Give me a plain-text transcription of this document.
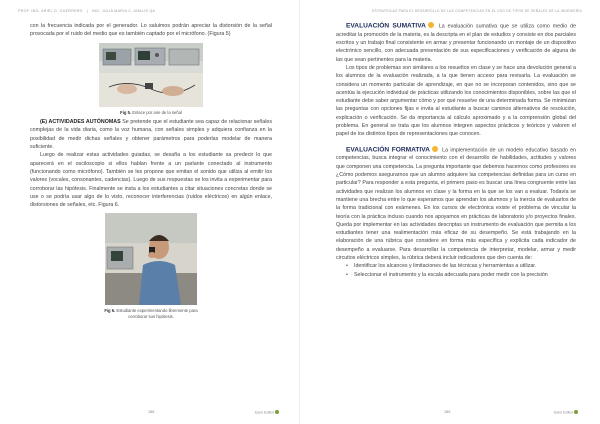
PROF. ING. ARIEL D. GUERRERO | ING. JULIA MARIA C. ANALIS QA

con la frecuencia indicada por el generador. Lo saluimos podrán apreciar la distorsión de la señal provocada por el ruido del medio que es también captado por el micrófono. (Figura 5)

Fig 5. Enlace por aire de la señal

(E) ACTIVIDADES AUTÓNOMAS Se pretende que el estudiante sea capaz de relacionar señales complejas de la vida diaria, como la voz humana, con señales simples y adquiera confianza en la posibilidad de medir dichas señales y obtener parámetros para poderlas modelar de manera suficiente.

Luego de realizar estas actividades guiadas, se desafía a los estudiante sa predecir lo que aparecerá en el osciloscopio si ellos hablan frente a un parlante conectado al instrumento (funcionando como micrófono). También se les propone que emitan el sonido que utiliza al emitir los valores (vocales, consonantes, cadencias). Luego de sus respuestas se los invita a experimentar para corroborar las hipótesis. Finalmente se insta a los estudiantes a citar situaciones concretas donde se use o se podría usar algo de lo visto, reconocer interferencias (ruidos eléctricos) en algún enlace, distorsiones de señales, etc. Figura 6.

Fig 6. Estudiante experimentando libremente para corroborar sus hipótesis.
188	Icaro Editor
ESTRATEGIAS PARA EL DESARROLLO DE LAS COMPETENCIAS EN EL USO DE TIPOS DE SEÑALES DE LA INGENIERÍA

EVALUACIÓN SUMATIVA La evaluación sumativa que se utiliza como medio de acreditar la promoción de la materia, es la descripta en el plan de estudios y consiste en dos parciales escritos y un trabajo final consistente en armar y presentar funcionando un montaje de un dispositivo electrónico sencillo, con adecuada presentación de sus especificaciones y verificación de alguna de las que sean pertinentes para la materia.

Los tipos de problemas son similares a los resueltos en clase y se hace una devolución general a los alumnos de la evaluación realizada, a la que tienen acceso para revisarla. La evaluación se considera un momento particular de aprendizaje, en que no se incorporan contenidos, sino que se acentúa la ejecución individual de prácticas utilizando los conocimientos disponibles, sobre las que el estudiante debe saber argumentar cómo y por qué resuelve de una determinada forma. Se minimizan las preguntas con opciones fijas e invita al estudiante a buscar caminos alternativos de resolución, explicación o verificación. Se da importancia al cálculo aproximado y a la comprensión global del problema. En general se trata que los alumnos integren aspectos prácticos y teóricos y valoren el papel de los distintos tipos de representaciones que conocen.

EVALUACIÓN FORMATIVA La implementación de un modelo educativo basado en competencias, busca integrar el conocimiento con el desarrollo de habilidades, actitudes y valores que componen una competencia. La pregunta importante que debemos hacernos como profesores es ¿Cómo podemos asegurarnos que un alumno adquiere las competencias definidas para un curso en particular? Para responder a esta pregunta, el primero paso es buscar una línea congruente entre las actividades que realizan los alumnos en clase y la forma en la que se los van a evaluar. Todavía se mantiene una brecha entre lo que esperamos que aprendan los alumnos y la inercia de evaluarlos de la forma tradicional con exámenes. En los cursos de electrónica existe el problema de vincular la teoría con la práctica incluso cuando nos apoyamos en prácticas de laboratorio y/o proyectos finales. Queda por implementar en las actividades descriptas un instrumento de evaluación que permita a los estudiantes tener una realimentación más eficaz de su desempeño. Se está trabajando en la elaboración de una rúbrica que considere en forma más específica y explícita cada indicador de desempeño a evaluarse. Para desarrollar la competencia de interpretar, modelar, armar y medir circuitos eléctricos simples, la rúbrica deberá incluir indicadores que den cuenta de:

• Identificar los alcances y limitaciones de las técnicas y herramientas a utilizar.
• Seleccionar el instrumento y la escala adecuada para poder medir con la precisión
189	Icaro Editor
